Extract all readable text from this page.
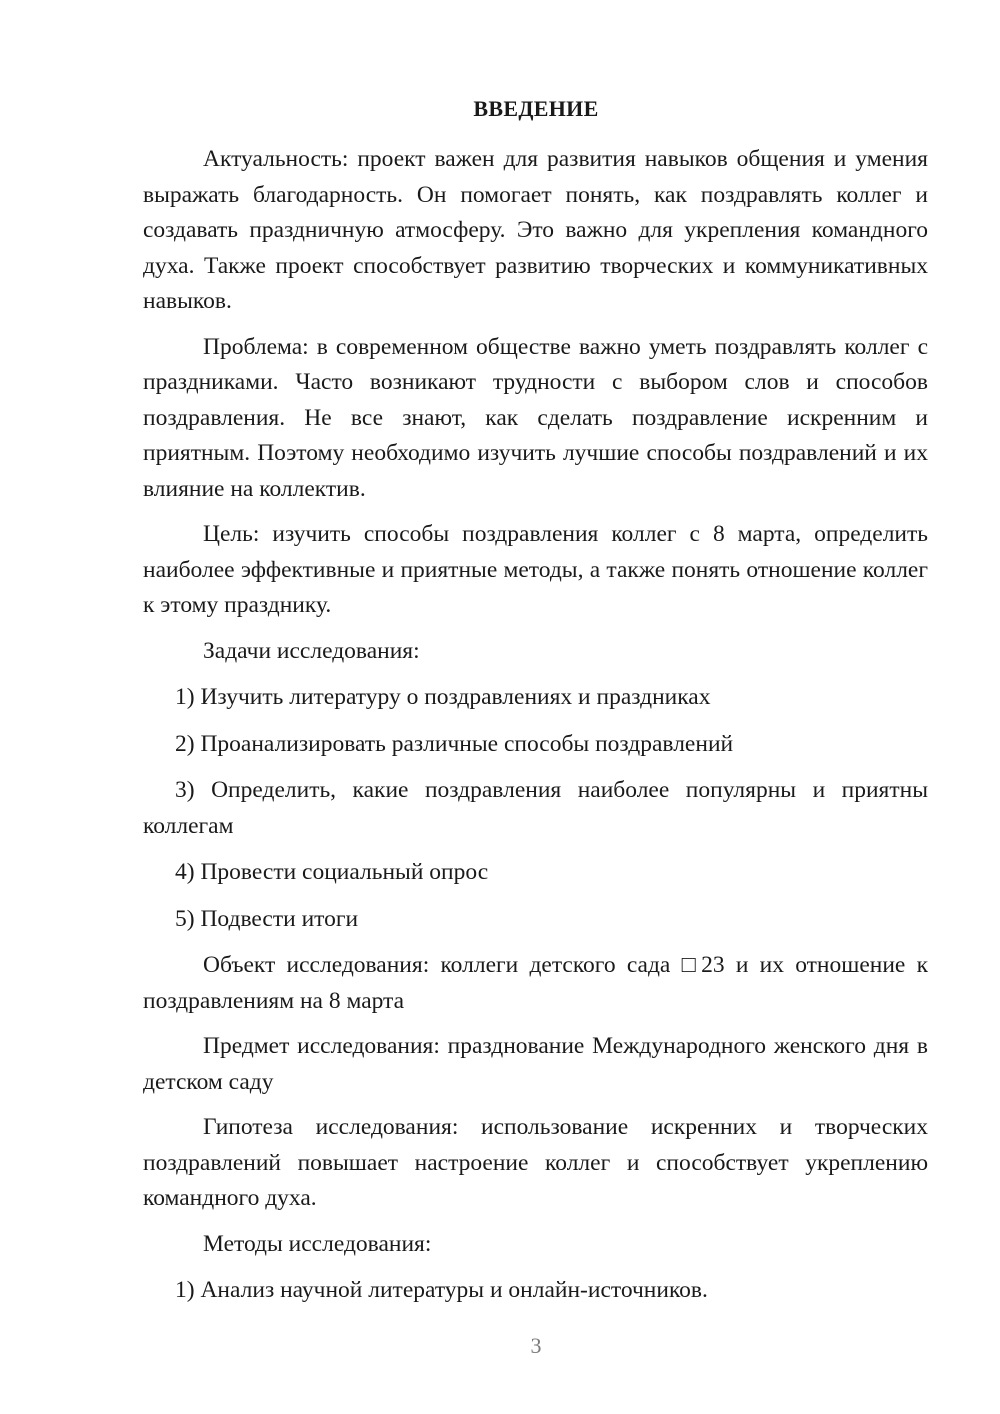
ВВЕДЕНИЕ

Актуальность: проект важен для развития навыков общения и умения выражать благодарность. Он помогает понять, как поздравлять коллег и создавать праздничную атмосферу. Это важно для укрепления командного духа. Также проект способствует развитию творческих и коммуникативных навыков.

Проблема: в современном обществе важно уметь поздравлять коллег с праздниками. Часто возникают трудности с выбором слов и способов поздравления. Не все знают, как сделать поздравление искренним и приятным. Поэтому необходимо изучить лучшие способы поздравлений и их влияние на коллектив.

Цель: изучить способы поздравления коллег с 8 марта, определить наиболее эффективные и приятные методы, а также понять отношение коллег к этому празднику.

Задачи исследования:

1) Изучить литературу о поздравлениях и праздниках

2) Проанализировать различные способы поздравлений

3) Определить, какие поздравления наиболее популярны и приятны коллегам

4) Провести социальный опрос

5) Подвести итоги

Объект исследования: коллеги детского сада □23 и их отношение к поздравлениям на 8 марта

Предмет исследования: празднование Международного женского дня в детском саду

Гипотеза исследования: использование искренних и творческих поздравлений повышает настроение коллег и способствует укреплению командного духа.

Методы исследования:

1) Анализ научной литературы и онлайн-источников.

3
